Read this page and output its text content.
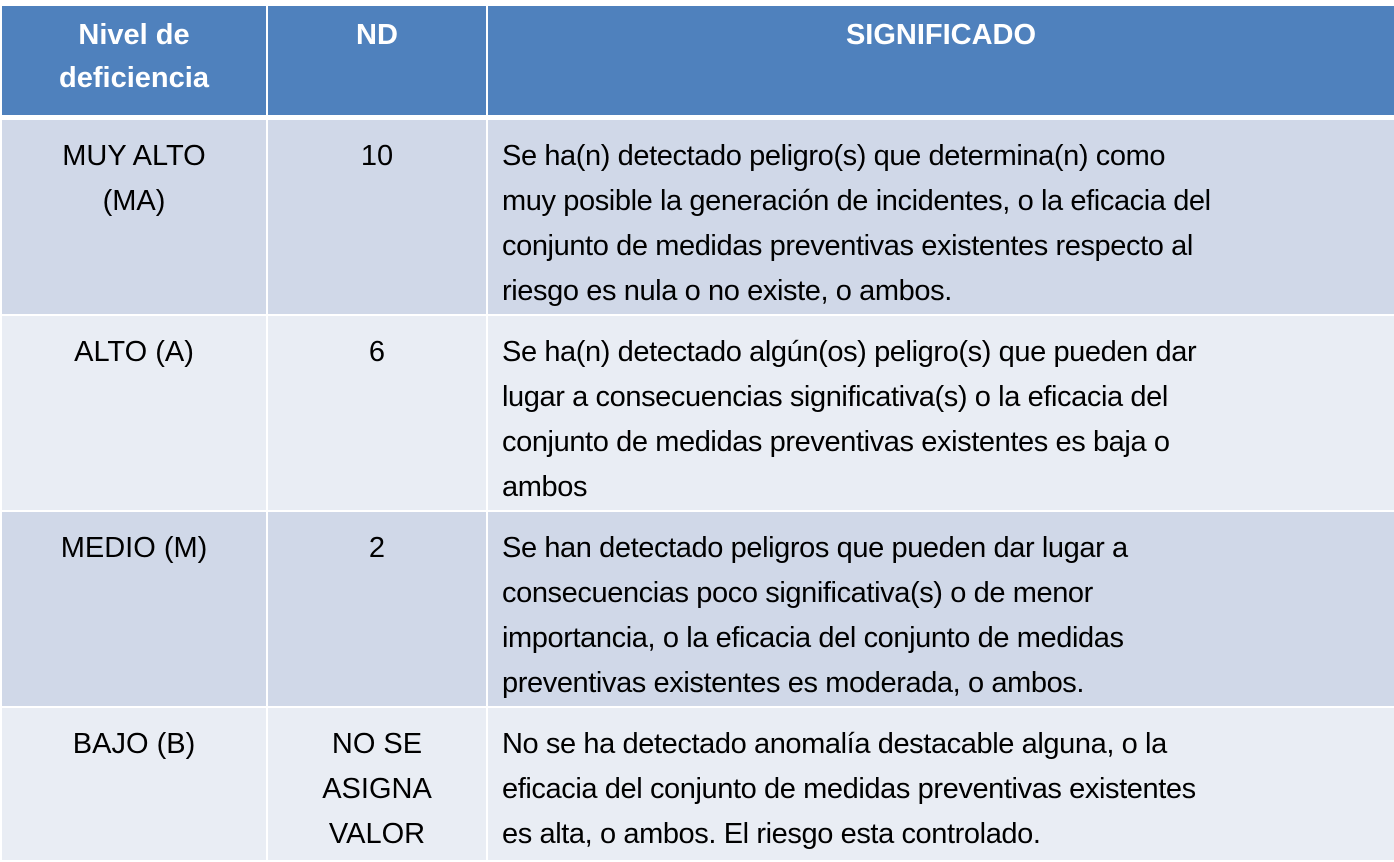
Nivel de
deficiencia	ND	SIGNIFICADO

MUY ALTO
(MA)	10	Se ha(n) detectado peligro(s) que determina(n) como
muy posible la generación de incidentes, o la eficacia del
conjunto de medidas preventivas existentes respecto al
riesgo es nula o no existe, o ambos.

ALTO (A)	6	Se ha(n) detectado algún(os) peligro(s) que pueden dar
lugar a consecuencias significativa(s) o la eficacia del
conjunto de medidas preventivas existentes es baja o
ambos

MEDIO (M)	2	Se han detectado peligros que pueden dar lugar a
consecuencias poco significativa(s) o de menor
importancia, o la eficacia del conjunto de medidas
preventivas existentes es moderada, o ambos.

BAJO (B)	NO SE
ASIGNA
VALOR	No se ha detectado anomalía destacable alguna, o la
eficacia del conjunto de medidas preventivas existentes
es alta, o ambos. El riesgo esta controlado.
